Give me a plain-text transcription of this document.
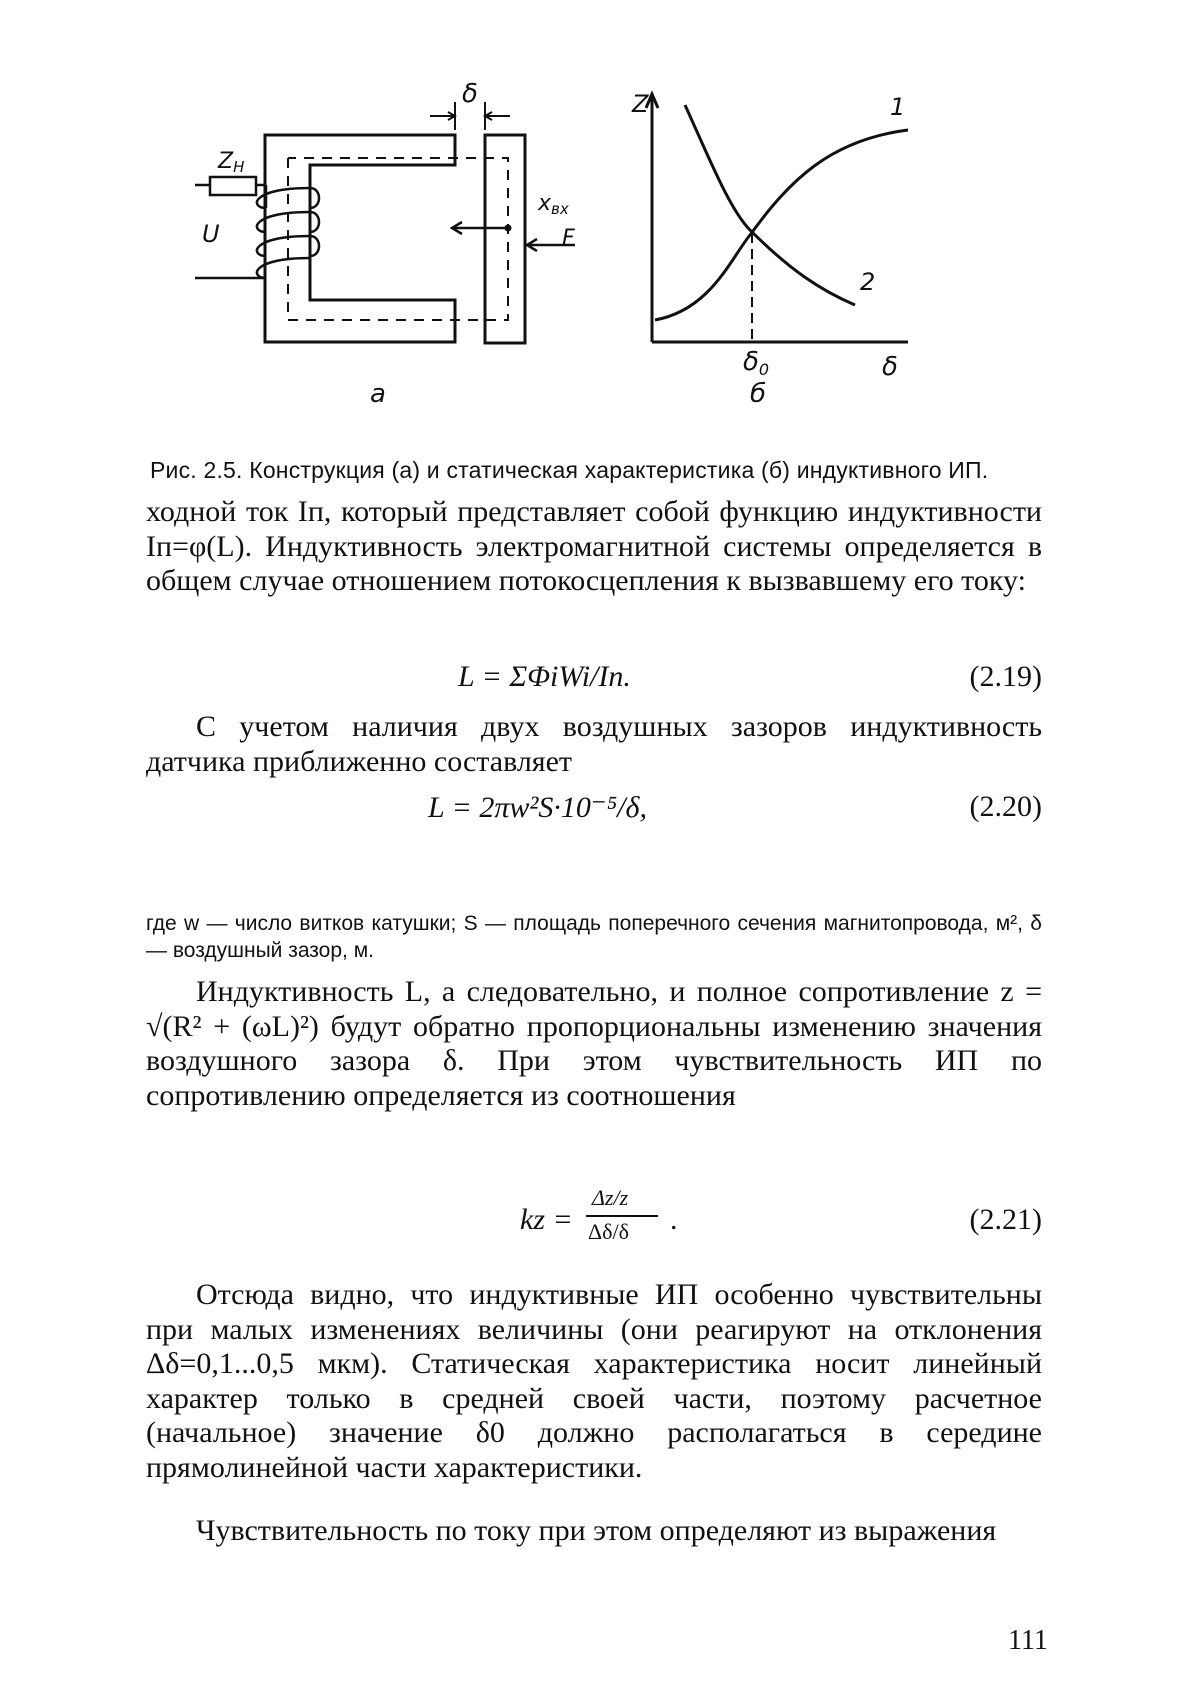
ZH
U
δ
xвх
F
а
Z
δ
1
2
δ0
б
Рис. 2.5. Конструкция (а) и статическая характеристика (б) индуктивного ИП.

ходной ток Iп, который представляет собой функцию индуктивности Iп=φ(L). Индуктивность электромагнитной системы определяется в общем случае отношением потокосцепления к вызвавшему его току:

L = ΣΦiWi/Iп.	(2.19)

С учетом наличия двух воздушных зазоров индуктивность датчика приближенно составляет

L = 2πw²S·10⁻⁵/δ,	(2.20)

где w — число витков катушки; S — площадь поперечного сечения магнитопровода, м², δ — воздушный зазор, м.

Индуктивность L, а следовательно, и полное сопротивление z = √(R² + (ωL)²) будут обратно пропорциональны изменению значения воздушного зазора δ. При этом чувствительность ИП по сопротивлению определяется из соотношения

kz =
Δz/z
Δδ/δ .	(2.21)

Отсюда видно, что индуктивные ИП особенно чувствительны при малых изменениях величины (они реагируют на отклонения Δδ=0,1...0,5 мкм). Статическая характеристика носит линейный характер только в средней своей части, поэтому расчетное (начальное) значение δ0 должно располагаться в середине прямолинейной части характеристики.

Чувствительность по току при этом определяют из выражения

111
